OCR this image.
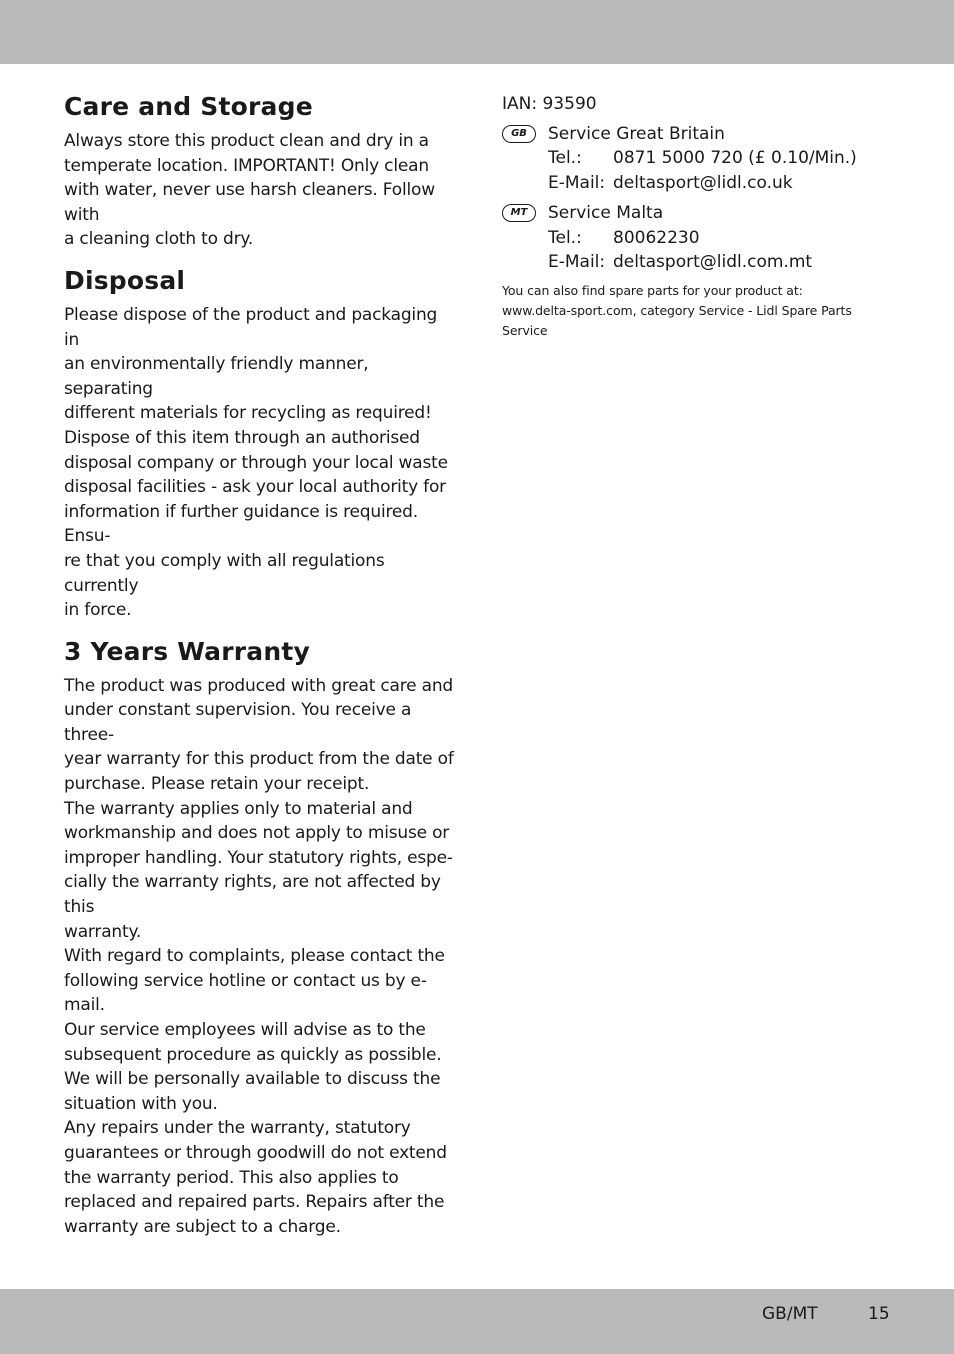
Care and Storage

Always store this product clean and dry in a
temperate location. IMPORTANT! Only clean
with water, never use harsh cleaners. Follow with
a cleaning cloth to dry.

Disposal

Please dispose of the product and packaging in
an environmentally friendly manner, separating
different materials for recycling as required!
Dispose of this item through an authorised
disposal company or through your local waste
disposal facilities - ask your local authority for
information if further guidance is required. Ensu-
re that you comply with all regulations currently
in force.

3 Years Warranty

The product was produced with great care and
under constant supervision. You receive a three-
year warranty for this product from the date of
purchase. Please retain your receipt.
The warranty applies only to material and
workmanship and does not apply to misuse or
improper handling. Your statutory rights, espe-
cially the warranty rights, are not affected by this
warranty.
With regard to complaints, please contact the
following service hotline or contact us by e-mail.
Our service employees will advise as to the
subsequent procedure as quickly as possible.
We will be personally available to discuss the
situation with you.
Any repairs under the warranty, statutory
guarantees or through goodwill do not extend
the warranty period. This also applies to
replaced and repaired parts. Repairs after the
warranty are subject to a charge.

IAN: 93590
GB	Service Great Britain
Tel.:	0871 5000 720 (£ 0.10/Min.)
E-Mail: deltasport@lidl.co.uk
MT	Service Malta
Tel.:	80062230
E-Mail: deltasport@lidl.com.mt

You can also find spare parts for your product at:
www.delta-sport.com, category Service - Lidl Spare Parts
Service

GB/MT	15
